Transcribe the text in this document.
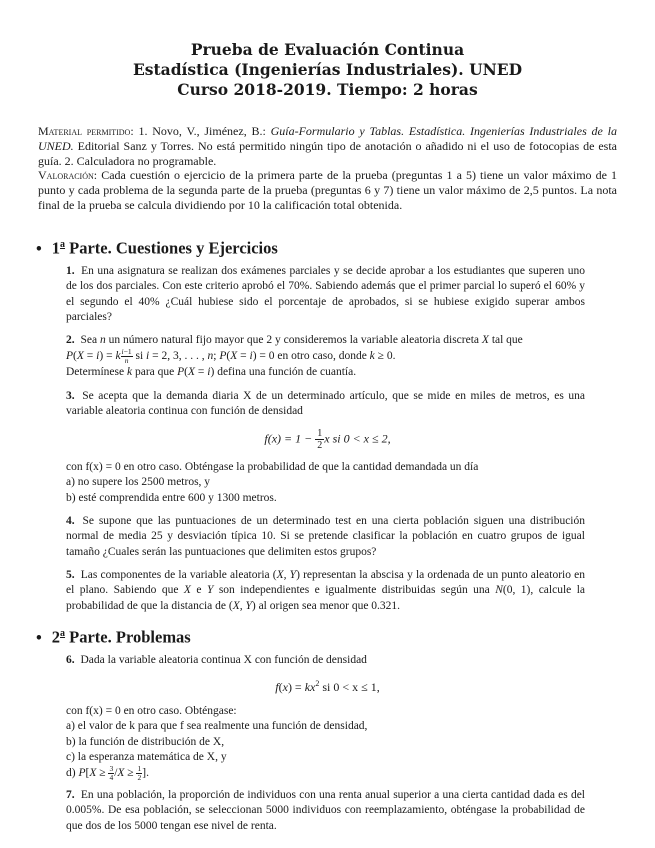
Prueba de Evaluación Continua
Estadística (Ingenierías Industriales). UNED
Curso 2018-2019. Tiempo: 2 horas
Material permitido: 1. Novo, V., Jiménez, B.: Guía-Formulario y Tablas. Estadística. Ingenierías Industriales de la UNED. Editorial Sanz y Torres. No está permitido ningún tipo de anotación o añadido ni el uso de fotocopias de esta guía. 2. Calculadora no programable.
Valoración: Cada cuestión o ejercicio de la primera parte de la prueba (preguntas 1 a 5) tiene un valor máximo de 1 punto y cada problema de la segunda parte de la prueba (preguntas 6 y 7) tiene un valor máximo de 2,5 puntos. La nota final de la prueba se calcula dividiendo por 10 la calificación total obtenida.
• 1$^a$ Parte. Cuestiones y Ejercicios
1. En una asignatura se realizan dos exámenes parciales y se decide aprobar a los estudiantes que superen uno de los dos parciales. Con este criterio aprobó el 70%. Sabiendo además que el primer parcial lo superó el 60% y el segundo el 40% ¿Cuál hubiese sido el porcentaje de aprobados, si se hubiese exigido superar ambos parciales?
2. Sea n un número natural fijo mayor que 2 y consideremos la variable aleatoria discreta X tal que
P(X = i) = k $\frac{i-1}{n}$ si i = 2, 3, . . . , n; P(X = i) = 0 en otro caso, donde k ≥ 0.
Determínese k para que P(X = i) defina una función de cuantía.
3. Se acepta que la demanda diaria X de un determinado artículo, que se mide en miles de metros, es una variable aleatoria continua con función de densidad
$f(x) = 1 - \frac{1}{2}$ x si 0 < x ≤ 2,
con f(x) = 0 en otro caso. Obténgase la probabilidad de que la cantidad demandada un día
a) no supere los 2500 metros, y
b) esté comprendida entre 600 y 1300 metros.
4. Se supone que las puntuaciones de un determinado test en una cierta población siguen una distribución normal de media 25 y desviación típica 10. Si se pretende clasificar la población en cuatro grupos de igual tamaño ¿Cuales serán las puntuaciones que delimiten estos grupos?
5. Las componentes de la variable aleatoria (X, Y) representan la abscisa y la ordenada de un punto aleatorio en el plano. Sabiendo que X e Y son independientes e igualmente distribuidas según una N(0, 1), calcule la probabilidad de que la distancia de (X, Y) al origen sea menor que 0.321.
• 2$^a$ Parte. Problemas
6. Dada la variable aleatoria continua X con función de densidad
$f(x) = kx^2$ si 0 < x ≤ 1,
con f(x) = 0 en otro caso. Obténgase:
a) el valor de k para que f sea realmente una función de densidad,
b) la función de distribución de X,
c) la esperanza matemática de X, y
d) $P[X \ge \frac{3}{4} /X \ge \frac{1}{2}$ ].
7. En una población, la proporción de individuos con una renta anual superior a una cierta cantidad dada es del 0.005%. De esa población, se seleccionan 5000 individuos con reemplazamiento, obténgase la probabilidad de que dos de los 5000 tengan ese nivel de renta.
